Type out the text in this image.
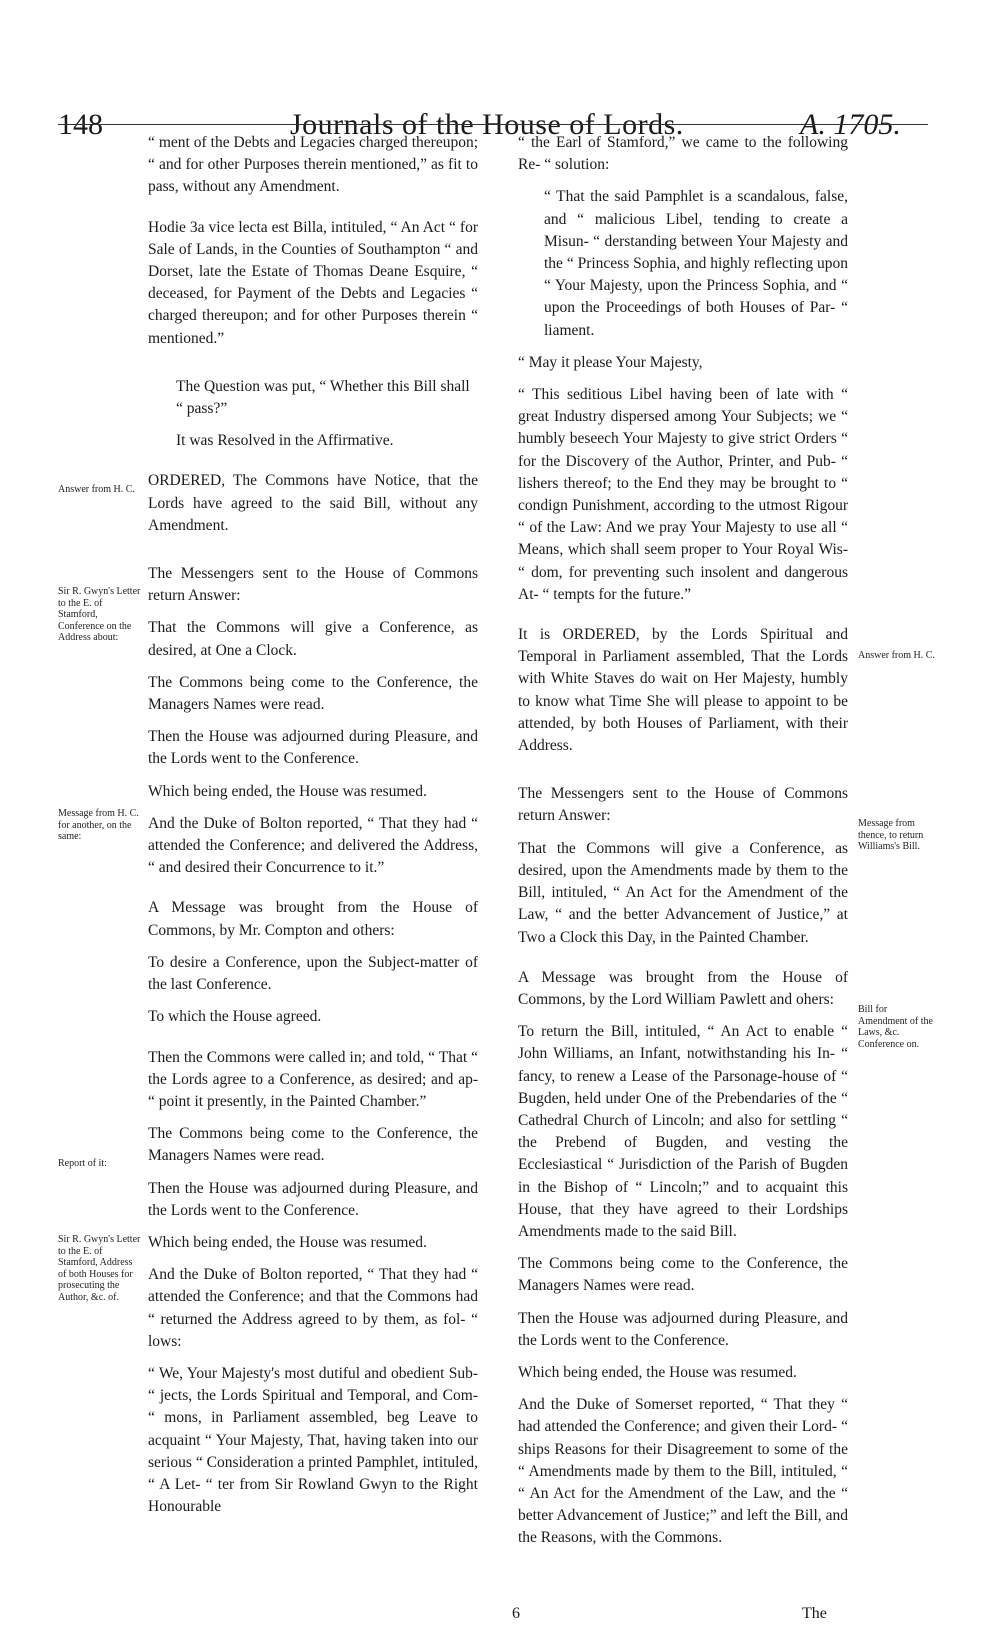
148	Journals of the House of Lords.	A. 1705.
Answer from H. C.
Sir R. Gwyn's Letter to the E. of Stamford, Conference on the Address about:
Message from H. C. for another, on the same:
Report of it:
Sir R. Gwyn's Letter to the E. of Stamford, Address of both Houses for prosecuting the Author, &c. of.
Answer from H. C.
Message from thence, to return Williams's Bill.
Bill for Amendment of the Laws, &c. Conference on.

“ ment of the Debts and Legacies charged thereupon; “ and for other Purposes therein mentioned,” as fit to pass, without any Amendment.

Hodie 3a vice lecta est Billa, intituled, “ An Act “ for Sale of Lands, in the Counties of Southampton “ and Dorset, late the Estate of Thomas Deane Esquire, “ deceased, for Payment of the Debts and Legacies “ charged thereupon; and for other Purposes therein “ mentioned.”

The Question was put, “ Whether this Bill shall “ pass?”

It was Resolved in the Affirmative.

ORDERED, The Commons have Notice, that the Lords have agreed to the said Bill, without any Amendment.

The Messengers sent to the House of Commons return Answer:

That the Commons will give a Conference, as desired, at One a Clock.

The Commons being come to the Conference, the Managers Names were read.

Then the House was adjourned during Pleasure, and the Lords went to the Conference.

Which being ended, the House was resumed.

And the Duke of Bolton reported, “ That they had “ attended the Conference; and delivered the Address, “ and desired their Concurrence to it.”

A Message was brought from the House of Commons, by Mr. Compton and others:

To desire a Conference, upon the Subject-matter of the last Conference.

To which the House agreed.

Then the Commons were called in; and told, “ That “ the Lords agree to a Conference, as desired; and ap- “ point it presently, in the Painted Chamber.”

The Commons being come to the Conference, the Managers Names were read.

Then the House was adjourned during Pleasure, and the Lords went to the Conference.

Which being ended, the House was resumed.

And the Duke of Bolton reported, “ That they had “ attended the Conference; and that the Commons had “ returned the Address agreed to by them, as fol- “ lows:

“ We, Your Majesty's most dutiful and obedient Sub- “ jects, the Lords Spiritual and Temporal, and Com- “ mons, in Parliament assembled, beg Leave to acquaint “ Your Majesty, That, having taken into our serious “ Consideration a printed Pamphlet, intituled, “ A Let- “ ter from Sir Rowland Gwyn to the Right Honourable

“ the Earl of Stamford,” we came to the following Re- “ solution:

“ That the said Pamphlet is a scandalous, false, and “ malicious Libel, tending to create a Misun- “ derstanding between Your Majesty and the “ Princess Sophia, and highly reflecting upon “ Your Majesty, upon the Princess Sophia, and “ upon the Proceedings of both Houses of Par- “ liament.

“ May it please Your Majesty,

“ This seditious Libel having been of late with “ great Industry dispersed among Your Subjects; we “ humbly beseech Your Majesty to give strict Orders “ for the Discovery of the Author, Printer, and Pub- “ lishers thereof; to the End they may be brought to “ condign Punishment, according to the utmost Rigour “ of the Law: And we pray Your Majesty to use all “ Means, which shall seem proper to Your Royal Wis- “ dom, for preventing such insolent and dangerous At- “ tempts for the future.”

It is ORDERED, by the Lords Spiritual and Temporal in Parliament assembled, That the Lords with White Staves do wait on Her Majesty, humbly to know what Time She will please to appoint to be attended, by both Houses of Parliament, with their Address.

The Messengers sent to the House of Commons return Answer:

That the Commons will give a Conference, as desired, upon the Amendments made by them to the Bill, intituled, “ An Act for the Amendment of the Law, “ and the better Advancement of Justice,” at Two a Clock this Day, in the Painted Chamber.

A Message was brought from the House of Commons, by the Lord William Pawlett and ohers:

To return the Bill, intituled, “ An Act to enable “ John Williams, an Infant, notwithstanding his In- “ fancy, to renew a Lease of the Parsonage-house of “ Bugden, held under One of the Prebendaries of the “ Cathedral Church of Lincoln; and also for settling “ the Prebend of Bugden, and vesting the Ecclesiastical “ Jurisdiction of the Parish of Bugden in the Bishop of “ Lincoln;” and to acquaint this House, that they have agreed to their Lordships Amendments made to the said Bill.

The Commons being come to the Conference, the Managers Names were read.

Then the House was adjourned during Pleasure, and the Lords went to the Conference.

Which being ended, the House was resumed.

And the Duke of Somerset reported, “ That they “ had attended the Conference; and given their Lord- “ ships Reasons for their Disagreement to some of the “ Amendments made by them to the Bill, intituled, “ “ An Act for the Amendment of the Law, and the “ better Advancement of Justice;” and left the Bill, and the Reasons, with the Commons.

6	The
